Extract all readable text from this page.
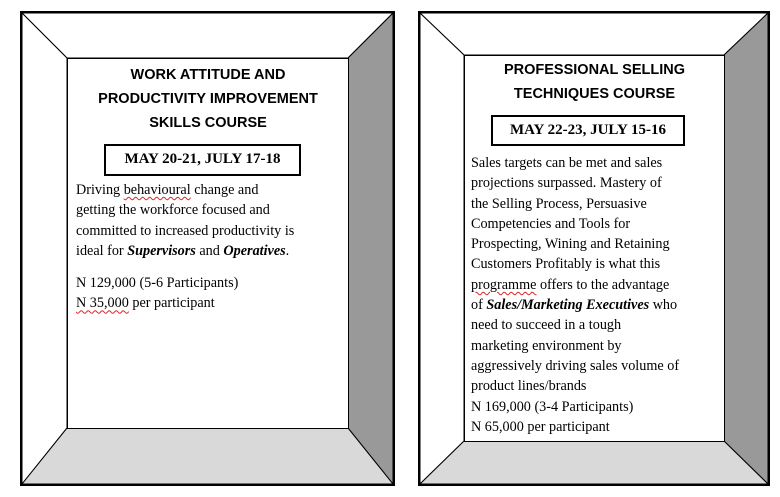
WORK ATTITUDE AND
PRODUCTIVITY IMPROVEMENT
SKILLS COURSE
MAY 20-21, JULY 17-18
Driving behavioural change and
getting the workforce focused and
committed to increased productivity is
ideal for Supervisors and Operatives.
N 129,000 (5-6 Participants)
N 35,000 per participant
PROFESSIONAL SELLING
TECHNIQUES COURSE
MAY 22-23, JULY 15-16
Sales targets can be met and sales
projections surpassed. Mastery of
the Selling Process, Persuasive
Competencies and Tools for
Prospecting, Wining and Retaining
Customers Profitably is what this
programme offers to the advantage
of Sales/Marketing Executives who
need to succeed in a tough
marketing environment by
aggressively driving sales volume of
product lines/brands
N 169,000 (3-4 Participants)
N 65,000 per participant
